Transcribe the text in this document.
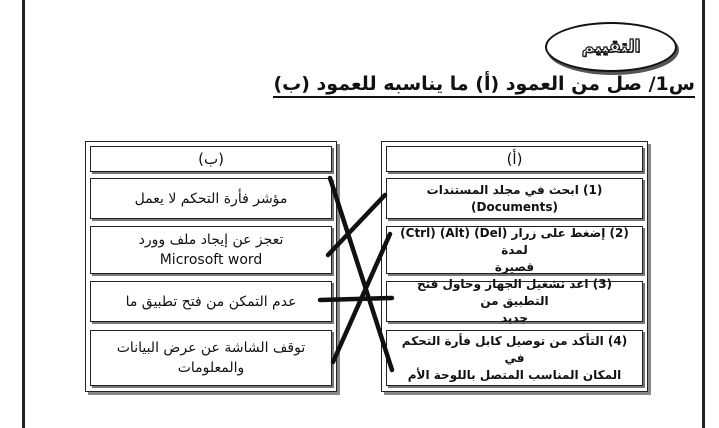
التقييم
س1/ صل من العمود (أ) ما يناسبه للعمود (ب)
(ب)
مؤشر فأرة التحكم لا يعمل
تعجز عن إيجاد ملف وورد
Microsoft word
عدم التمكن من فتح تطبيق ما
توقف الشاشة عن عرض البيانات
والمعلومات
(أ)
(1) ابحث في مجلد المستندات (Documents)
(2) إضغط على زرار (Del) (Alt) (Ctrl) لمدة
قصيرة
(3) اعد تشغيل الجهاز وحاول فتح التطبيق من
جديد
(4) التأكد من توصيل كابل فأرة التحكم في
المكان المناسب المتصل باللوحة الأم
